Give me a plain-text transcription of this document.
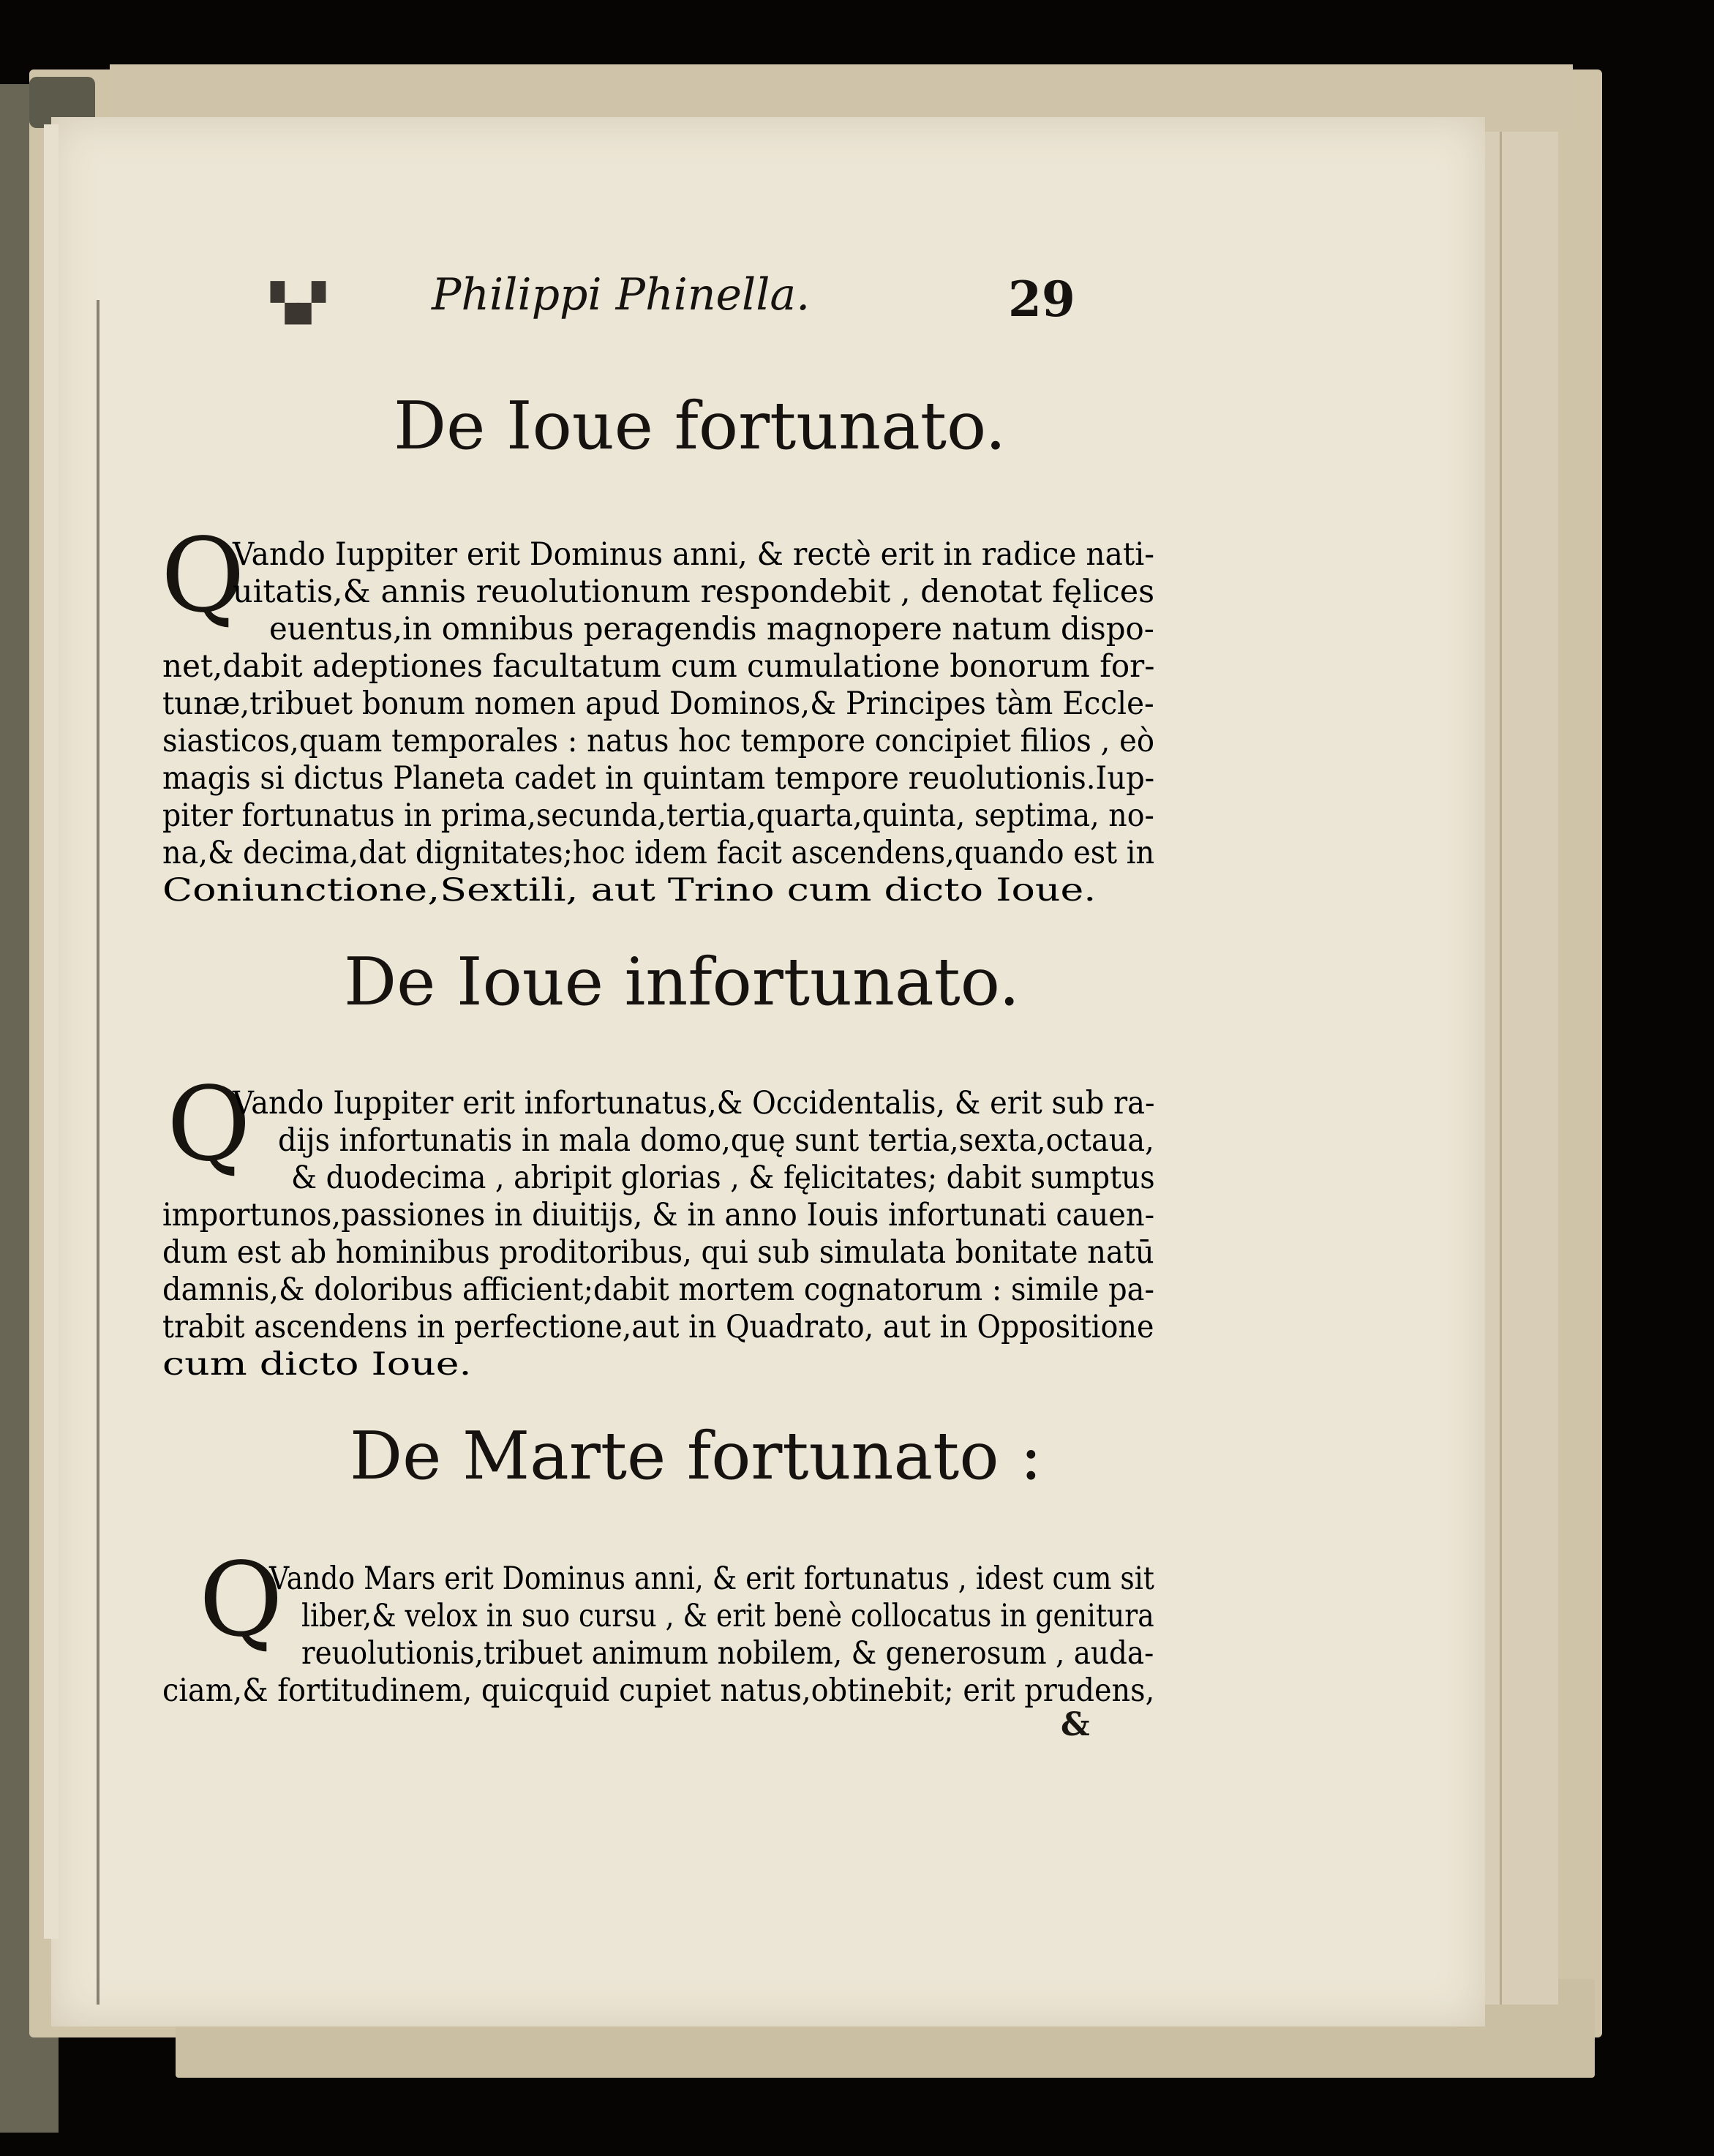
▚▞ Philippi Phinella.	29
De Ioue fortunato.
Q
Vando Iuppiter erit Dominus anni, & rectè erit in radice nati-
uitatis,& annis reuolutionum respondebit , denotat fęlices
euentus,in omnibus peragendis magnopere natum dispo-
net,dabit adeptiones facultatum cum cumulatione bonorum for-
tunæ,tribuet bonum nomen apud Dominos,& Principes tàm Eccle-
siasticos,quam temporales : natus hoc tempore concipiet filios , eò
magis si dictus Planeta cadet in quintam tempore reuolutionis.Iup-
piter fortunatus in prima,secunda,tertia,quarta,quinta, septima, no-
na,& decima,dat dignitates;hoc idem facit ascendens,quando est in
Coniunctione,Sextili, aut Trino cum dicto Ioue.
De Ioue infortunato.
Q
Vando Iuppiter erit infortunatus,& Occidentalis, & erit sub ra-
dijs infortunatis in mala domo,quę sunt tertia,sexta,octaua,
& duodecima , abripit glorias , & fęlicitates; dabit sumptus
importunos,passiones in diuitijs, & in anno Iouis infortunati cauen-
dum est ab hominibus proditoribus, qui sub simulata bonitate natū
damnis,& doloribus afficient;dabit mortem cognatorum : simile pa-
trabit ascendens in perfectione,aut in Quadrato, aut in Oppositione
cum dicto Ioue.
De Marte fortunato :
Q
Vando Mars erit Dominus anni, & erit fortunatus , idest cum sit
liber,& velox in suo cursu , & erit benè collocatus in genitura
reuolutionis,tribuet animum nobilem, & generosum , auda-
ciam,& fortitudinem, quicquid cupiet natus,obtinebit; erit prudens,
&
